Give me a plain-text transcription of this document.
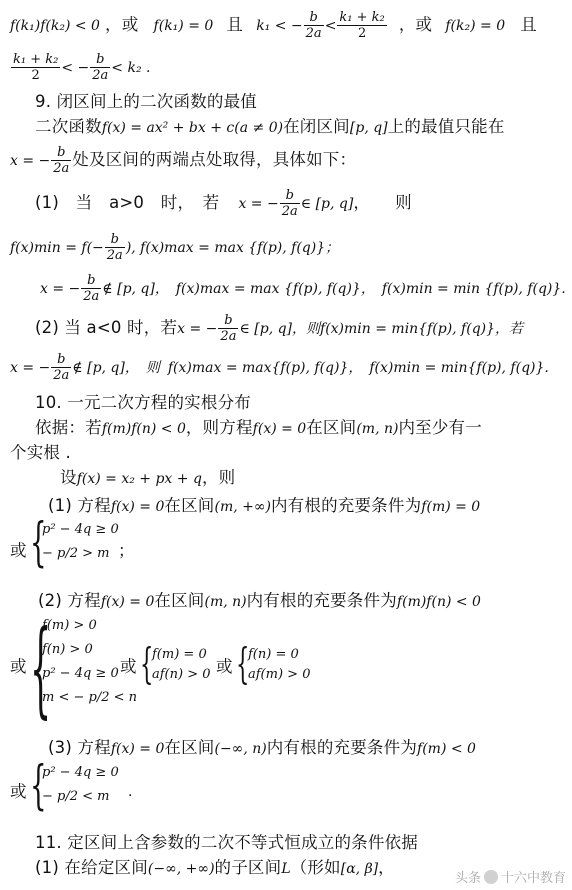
f(k₁)f(k₂) < 0 ，或 f(k₁) = 0 且 k₁ < − $\frac{b}{2a} < \frac{\text{k₁ + k₂}}{2}$ ，或 f(k₂) = 0 且
$\frac{\text{k₁ + k₂}}{2}$ < − $\frac{b}{2a} < k_2$ .
9. 闭区间上的二次函数的最值
二次函数f(x) = ax² + bx + c(a ≠ 0)在闭区间[p, q]上的最值只能在
x = − $\frac{b}{2a}$ 处及区间的两端点处取得，具体如下：
(1)　当　a>0　时，　若 x = − $\frac{b}{2a}$ ∈ [p, q]，　　则
$f(x)\min = f(- \frac{b}{2a}$ ), f(x)max = max {f(p), f(q)}；
x = − $\frac{b}{2a}$ ∉ [p, q]，　f(x)max = max {f(p), f(q)}，　f(x)min = min {f(p), f(q)}.
(2) 当 a<0 时，若x = − $\frac{b}{2a}$ ∈ [p, q]，则f(x)min = min{f(p), f(q)}，若
x = − $\frac{b}{2a}$ ∉ [p, q]，　则 f(x)max = max{f(p), f(q)}，　f(x)min = min{f(p), f(q)}.
10. 一元二次方程的实根分布
依据：若f(m)f(n) < 0，则方程f(x) = 0在区间(m, n)内至少有一
个实根 .
设f(x) = x₂ + px + q，则
(1) 方程f(x) = 0在区间(m, +∞)内有根的充要条件为f(m) = 0
或 {
p² − 4q ≥ 0
− p/2 > m ；
(2) 方程f(x) = 0在区间(m, n)内有根的充要条件为f(m)f(n) < 0
或 {
f(m) > 0
f(n) > 0
p² − 4q ≥ 0
m < − p/2 < n
或 {
f(m) = 0
af(n) > 0 或 {
f(n) = 0
af(m) > 0
(3) 方程f(x) = 0在区间(−∞, n)内有根的充要条件为f(m) < 0
或 {
p² − 4q ≥ 0
− p/2 < m	.
11. 定区间上含参数的二次不等式恒成立的条件依据
(1) 在给定区间(−∞, +∞)的子区间L（形如[α, β]，
头条 十六中教育
